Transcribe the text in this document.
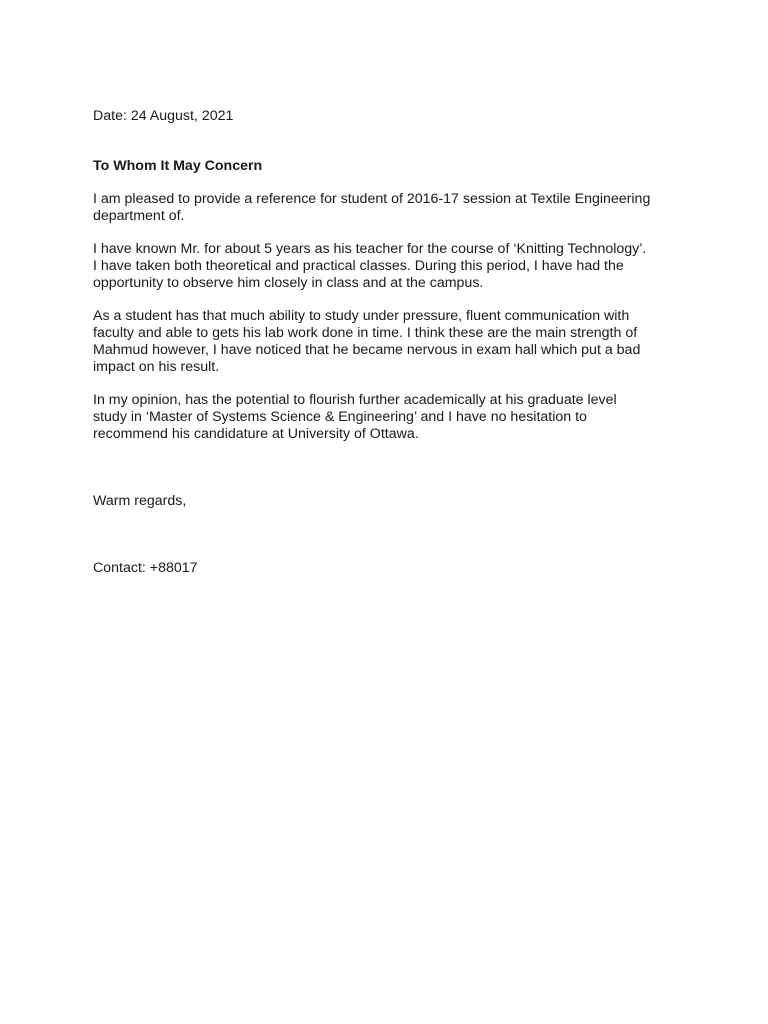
Date: 24 August, 2021

To Whom It May Concern

I am pleased to provide a reference for student of 2016-17 session at Textile Engineering department of.

I have known Mr. for about 5 years as his teacher for the course of ‘Knitting Technology’. I have taken both theoretical and practical classes. During this period, I have had the opportunity to observe him closely in class and at the campus.

As a student has that much ability to study under pressure, fluent communication with faculty and able to gets his lab work done in time. I think these are the main strength of Mahmud however, I have noticed that he became nervous in exam hall which put a bad impact on his result.

In my opinion, has the potential to flourish further academically at his graduate level study in ‘Master of Systems Science & Engineering’ and I have no hesitation to recommend his candidature at University of Ottawa.

Warm regards,

Contact: +88017
